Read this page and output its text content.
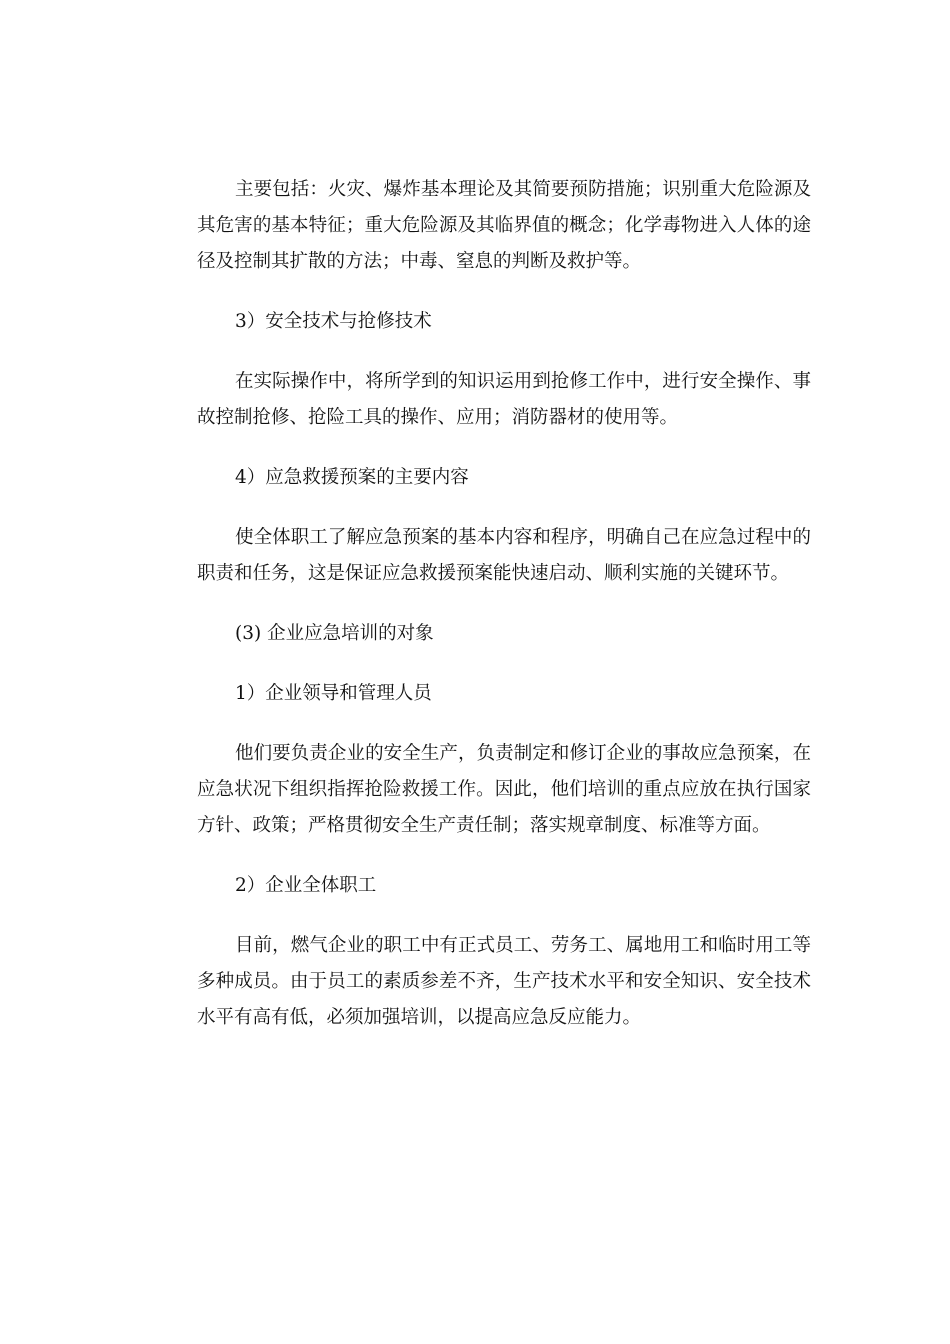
主要包括：火灾、爆炸基本理论及其简要预防措施；识别重大危险源及其危害的基本特征；重大危险源及其临界值的概念；化学毒物进入人体的途径及控制其扩散的方法；中毒、窒息的判断及救护等。

3）安全技术与抢修技术

在实际操作中，将所学到的知识运用到抢修工作中，进行安全操作、事故控制抢修、抢险工具的操作、应用；消防器材的使用等。

4）应急救援预案的主要内容

使全体职工了解应急预案的基本内容和程序，明确自己在应急过程中的职责和任务，这是保证应急救援预案能快速启动、顺利实施的关键环节。

(3) 企业应急培训的对象

1）企业领导和管理人员

他们要负责企业的安全生产，负责制定和修订企业的事故应急预案，在应急状况下组织指挥抢险救援工作。因此，他们培训的重点应放在执行国家方针、政策；严格贯彻安全生产责任制；落实规章制度、标准等方面。

2）企业全体职工

目前，燃气企业的职工中有正式员工、劳务工、属地用工和临时用工等多种成员。由于员工的素质参差不齐，生产技术水平和安全知识、安全技术水平有高有低，必须加强培训，以提高应急反应能力。
